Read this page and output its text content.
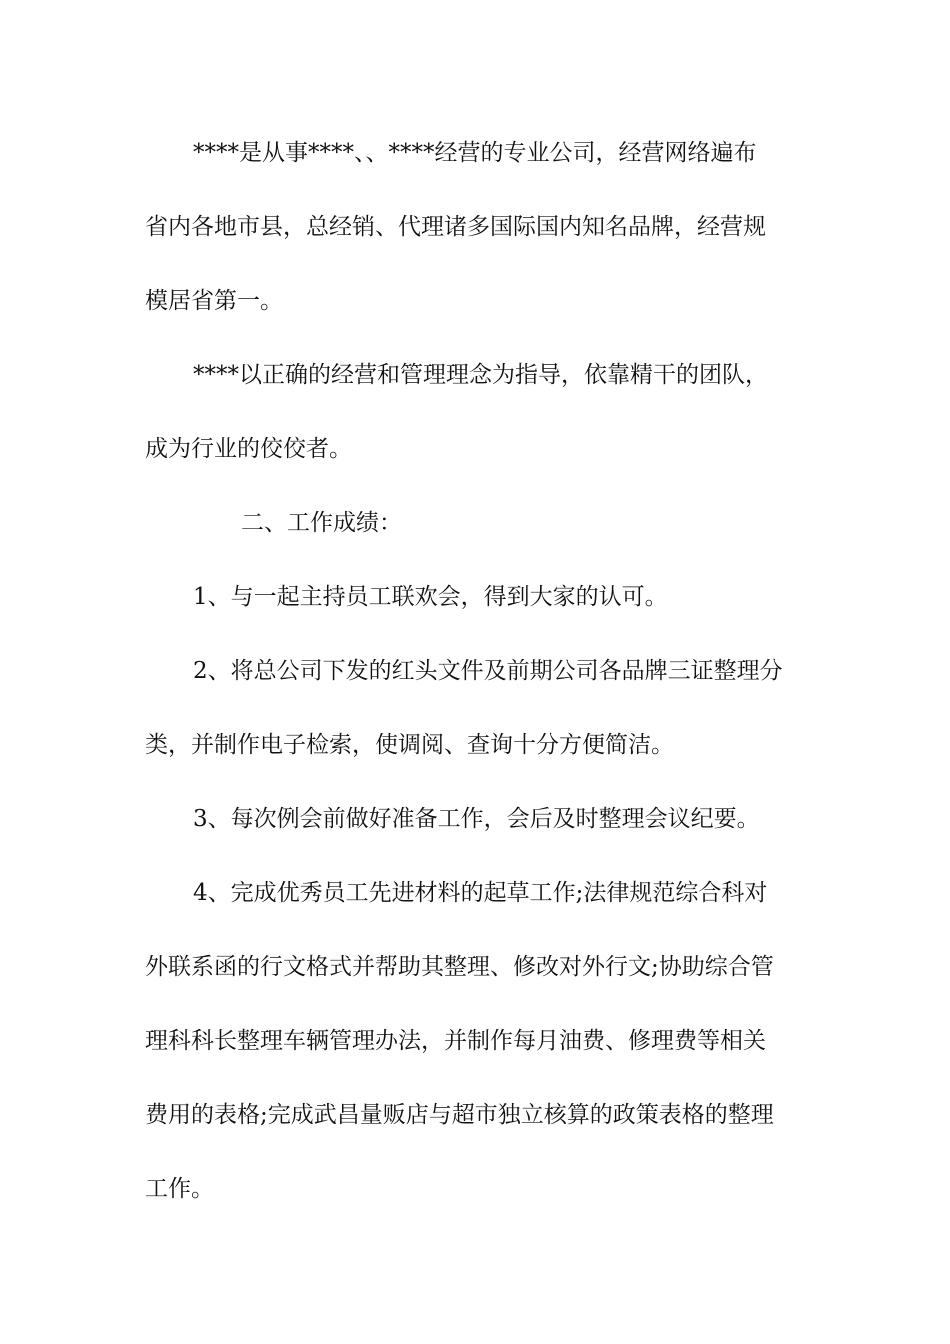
****是从事****、、****经营的专业公司，经营网络遍布
省内各地市县，总经销、代理诸多国际国内知名品牌，经营规
模居省第一。
****以正确的经营和管理理念为指导，依靠精干的团队，
成为行业的佼佼者。
二、工作成绩：
1、与一起主持员工联欢会，得到大家的认可。
2、将总公司下发的红头文件及前期公司各品牌三证整理分
类，并制作电子检索，使调阅、查询十分方便简洁。
3、每次例会前做好准备工作，会后及时整理会议纪要。
4、完成优秀员工先进材料的起草工作;法律规范综合科对
外联系函的行文格式并帮助其整理、修改对外行文;协助综合管
理科科长整理车辆管理办法，并制作每月油费、修理费等相关
费用的表格;完成武昌量贩店与超市独立核算的政策表格的整理
工作。
